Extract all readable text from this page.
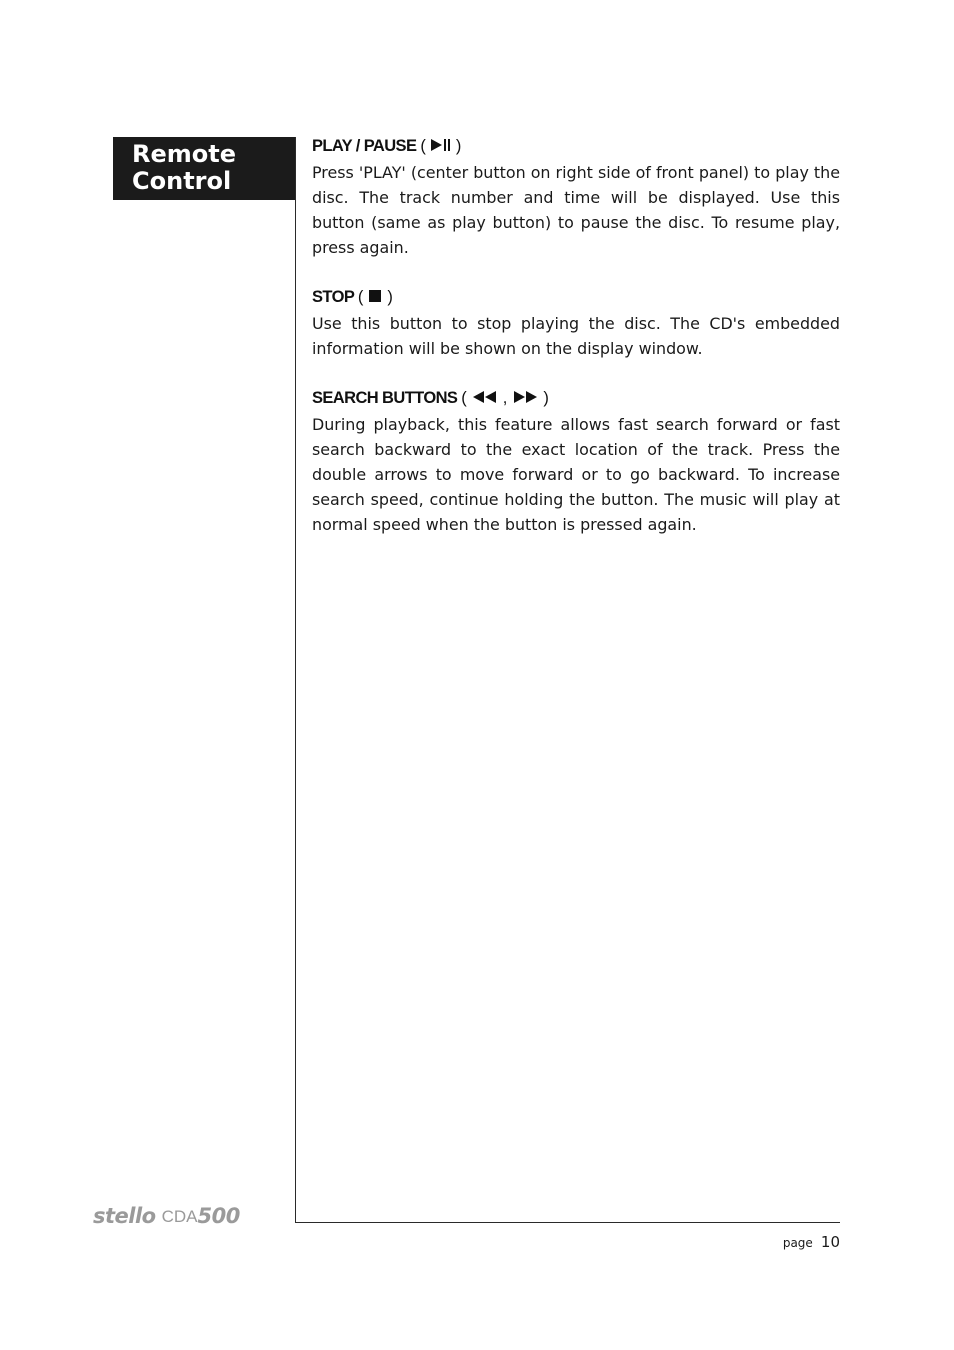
Remote
Control
PLAY / PAUSE (  )
Press 'PLAY' (center button on right side of front panel) to play the disc. The track number and time will be displayed. Use this button (same as play button) to pause the disc. To resume play, press again.
STOP (  )
Use this button to stop playing the disc. The CD's embedded information will be shown on the display window.
SEARCH BUTTONS ( , )
During playback, this feature allows fast search forward or fast search backward to the exact location of the track. Press the double arrows to move forward or to go backward. To increase search speed, continue holding the button. The music will play at normal speed when the button is pressed again.
stello CDA 500
page 10
